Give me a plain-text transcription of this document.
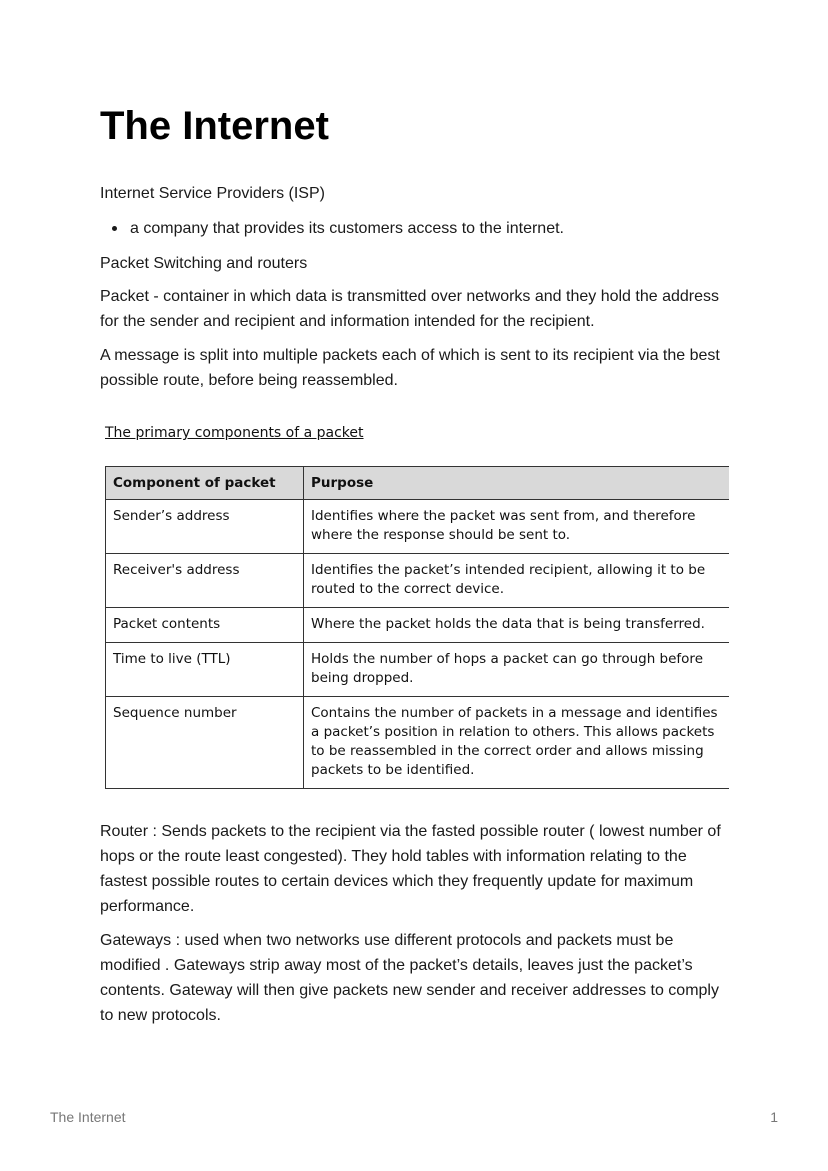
The Internet

Internet Service Providers (ISP)

a company that provides its customers access to the internet.

Packet Switching and routers

Packet - container in which data is transmitted over networks and they hold the address for the sender and recipient and information intended for the recipient.

A message is split into multiple packets each of which is sent to its recipient via the best possible route, before being reassembled.

The primary components of a packet
Component of packet	Purpose
Sender’s address	Identifies where the packet was sent from, and therefore where the response should be sent to.
Receiver's address	Identifies the packet’s intended recipient, allowing it to be routed to the correct device.
Packet contents	Where the packet holds the data that is being transferred.
Time to live (TTL)	Holds the number of hops a packet can go through before being dropped.
Sequence number	Contains the number of packets in a message and identifies a packet’s position in relation to others. This allows packets to be reassembled in the correct order and allows missing packets to be identified.

Router : Sends packets to the recipient via the fasted possible router ( lowest number of hops or the route least congested). They hold tables with information relating to the fastest possible routes to certain devices which they frequently update for maximum performance.

Gateways : used when two networks use different protocols and packets must be modified . Gateways strip away most of the packet’s details, leaves just the packet’s contents. Gateway will then give packets new sender and receiver addresses to comply to new protocols.

The Internet	1
